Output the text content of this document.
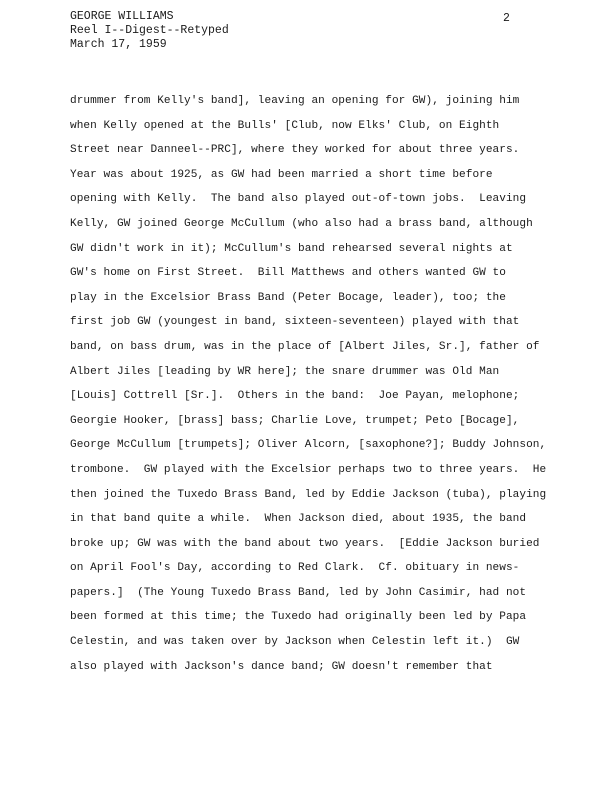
GEORGE WILLIAMS
Reel I--Digest--Retyped
March 17, 1959
2
drummer from Kelly's band], leaving an opening for GW), joining him
when Kelly opened at the Bulls' [Club, now Elks' Club, on Eighth
Street near Danneel--PRC], where they worked for about three years.
Year was about 1925, as GW had been married a short time before
opening with Kelly.  The band also played out-of-town jobs.  Leaving
Kelly, GW joined George McCullum (who also had a brass band, although
GW didn't work in it); McCullum's band rehearsed several nights at
GW's home on First Street.  Bill Matthews and others wanted GW to
play in the Excelsior Brass Band (Peter Bocage, leader), too; the
first job GW (youngest in band, sixteen-seventeen) played with that
band, on bass drum, was in the place of [Albert Jiles, Sr.], father of
Albert Jiles [leading by WR here]; the snare drummer was Old Man
[Louis] Cottrell [Sr.].  Others in the band:  Joe Payan, melophone;
Georgie Hooker, [brass] bass; Charlie Love, trumpet; Peto [Bocage],
George McCullum [trumpets]; Oliver Alcorn, [saxophone?]; Buddy Johnson,
trombone.  GW played with the Excelsior perhaps two to three years.  He
then joined the Tuxedo Brass Band, led by Eddie Jackson (tuba), playing
in that band quite a while.  When Jackson died, about 1935, the band
broke up; GW was with the band about two years.  [Eddie Jackson buried
on April Fool's Day, according to Red Clark.  Cf. obituary in news-
papers.]  (The Young Tuxedo Brass Band, led by John Casimir, had not
been formed at this time; the Tuxedo had originally been led by Papa
Celestin, and was taken over by Jackson when Celestin left it.)  GW
also played with Jackson's dance band; GW doesn't remember that
